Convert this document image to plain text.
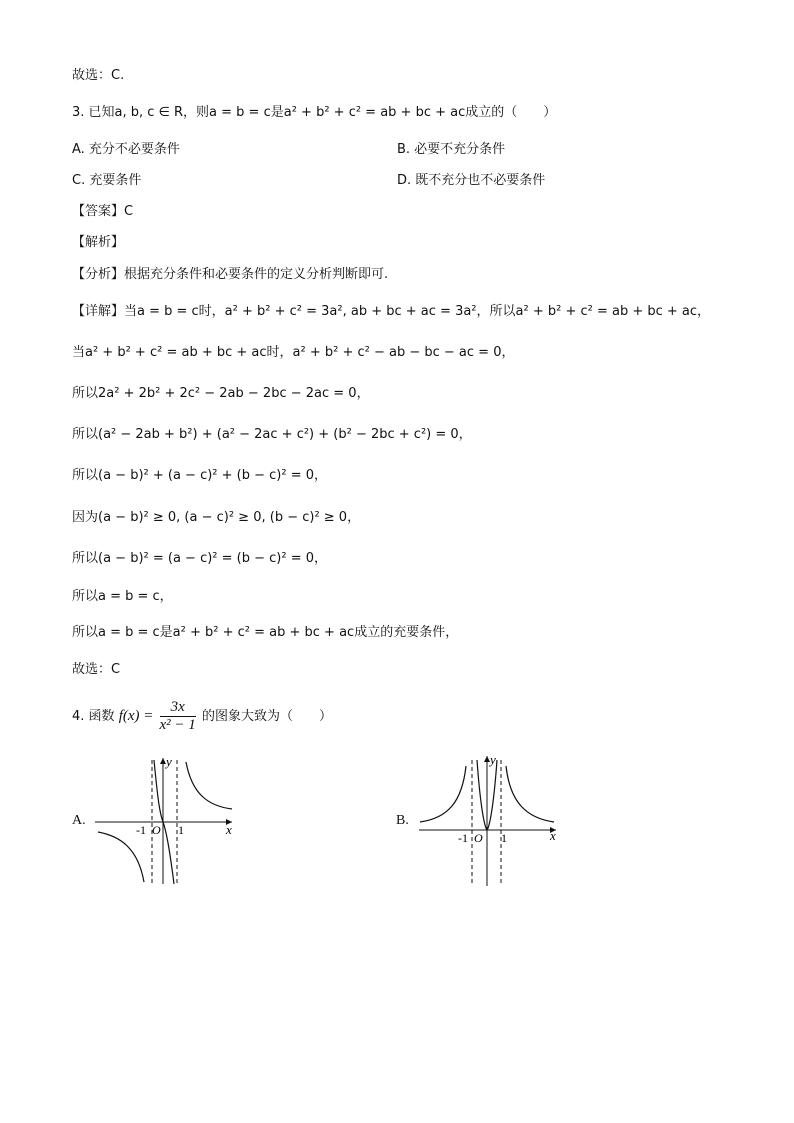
故选：C.
3. 已知a, b, c ∈ R，则a = b = c是a² + b² + c² = ab + bc + ac成立的（　　）
A. 充分不必要条件	B. 必要不充分条件
C. 充要条件	D. 既不充分也不必要条件
【答案】C
【解析】
【分析】根据充分条件和必要条件的定义分析判断即可.
【详解】当a = b = c时，a² + b² + c² = 3a², ab + bc + ac = 3a²，所以a² + b² + c² = ab + bc + ac，
当a² + b² + c² = ab + bc + ac时，a² + b² + c² − ab − bc − ac = 0，
所以2a² + 2b² + 2c² − 2ab − 2bc − 2ac = 0，
所以(a² − 2ab + b²) + (a² − 2ac + c²) + (b² − 2bc + c²) = 0，
所以(a − b)² + (a − c)² + (b − c)² = 0，
因为(a − b)² ≥ 0, (a − c)² ≥ 0, (b − c)² ≥ 0，
所以(a − b)² = (a − c)² = (b − c)² = 0，
所以a = b = c，
所以a = b = c是a² + b² + c² = ab + bc + ac成立的充要条件，
故选：C
4. 函数 $f(x) = \frac{3x}{\text{x² − 1}}$ 的图象大致为（　　）
A.
-1 O 1	x
y
B.
-1 O 1	x
y
